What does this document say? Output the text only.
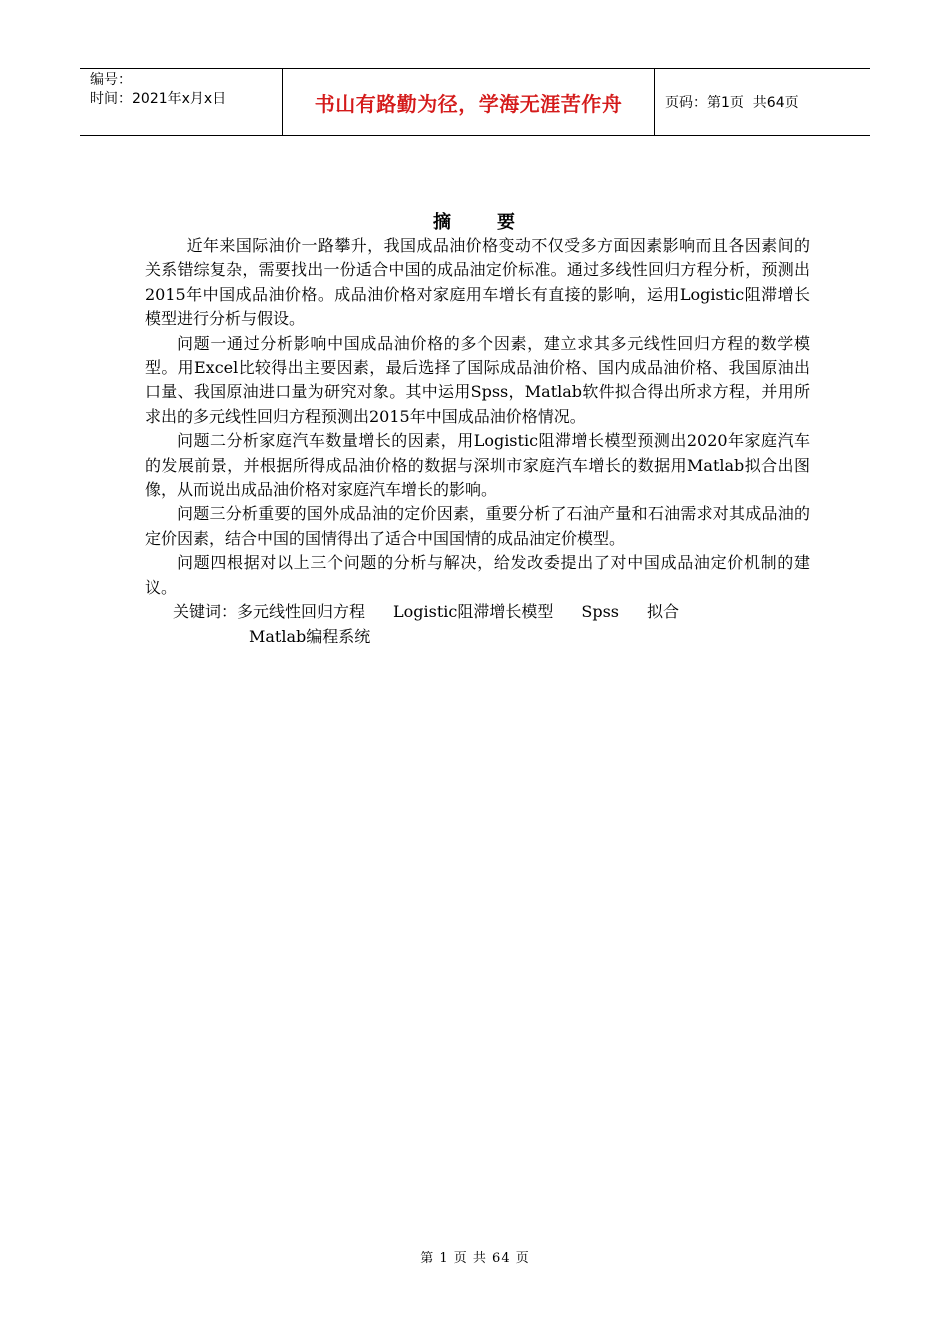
编号：
时间：2021年x月x日	书山有路勤为径，学海无涯苦作舟	页码：第1页  共64页
摘 要

近年来国际油价一路攀升，我国成品油价格变动不仅受多方面因素影响而且各因素间的关系错综复杂，需要找出一份适合中国的成品油定价标准。通过多线性回归方程分析，预测出2015年中国成品油价格。成品油价格对家庭用车增长有直接的影响，运用Logistic阻滞增长模型进行分析与假设。

问题一通过分析影响中国成品油价格的多个因素，建立求其多元线性回归方程的数学模型。用Excel比较得出主要因素，最后选择了国际成品油价格、国内成品油价格、我国原油出口量、我国原油进口量为研究对象。其中运用Spss，Matlab软件拟合得出所求方程，并用所求出的多元线性回归方程预测出2015年中国成品油价格情况。

问题二分析家庭汽车数量增长的因素，用Logistic阻滞增长模型预测出2020年家庭汽车的发展前景，并根据所得成品油价格的数据与深圳市家庭汽车增长的数据用Matlab拟合出图像，从而说出成品油价格对家庭汽车增长的影响。

问题三分析重要的国外成品油的定价因素，重要分析了石油产量和石油需求对其成品油的定价因素，结合中国的国情得出了适合中国国情的成品油定价模型。

问题四根据对以上三个问题的分析与解决，给发改委提出了对中国成品油定价机制的建议。

关键词：多元线性回归方程 Logistic阻滞增长模型 Spss 拟合
Matlab编程系统
第 1 页 共 64 页
